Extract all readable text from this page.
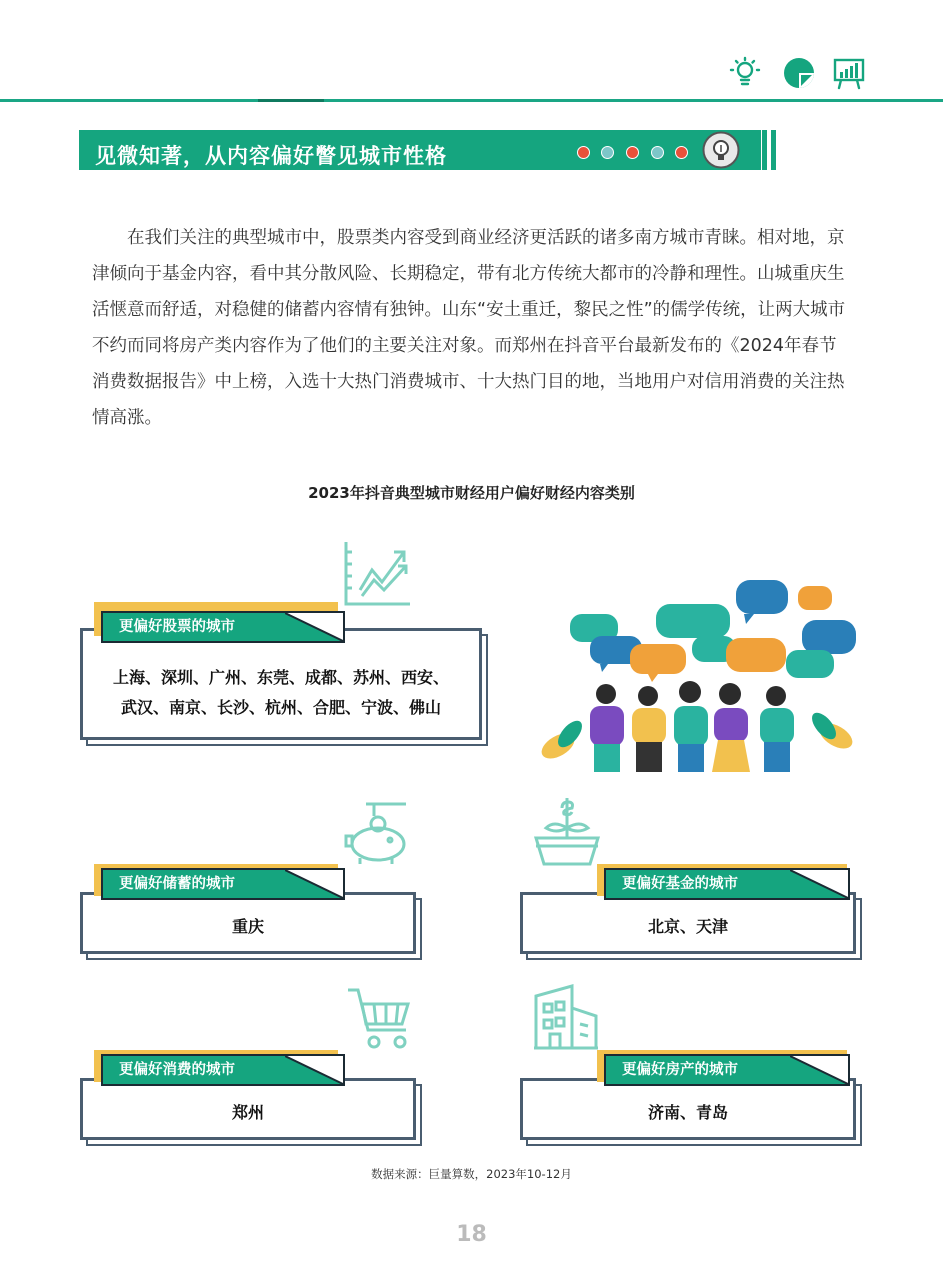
见微知著，从内容偏好瞥见城市性格

在我们关注的典型城市中，股票类内容受到商业经济更活跃的诸多南方城市青睐。相对地，京津倾向于基金内容，看中其分散风险、长期稳定，带有北方传统大都市的冷静和理性。山城重庆生活惬意而舒适，对稳健的储蓄内容情有独钟。山东“安土重迁，黎民之性”的儒学传统，让两大城市不约而同将房产类内容作为了他们的主要关注对象。而郑州在抖音平台最新发布的《2024年春节消费数据报告》中上榜，入选十大热门消费城市、十大热门目的地，当地用户对信用消费的关注热情高涨。

2023年抖音典型城市财经用户偏好财经内容类别
更偏好股票的城市
上海、深圳、广州、东莞、成都、苏州、西安、
武汉、南京、长沙、杭州、合肥、宁波、佛山
更偏好储蓄的城市
重庆
更偏好基金的城市
北京、天津
更偏好消费的城市
郑州
更偏好房产的城市
济南、青岛
数据来源：巨量算数，2023年10-12月
18
